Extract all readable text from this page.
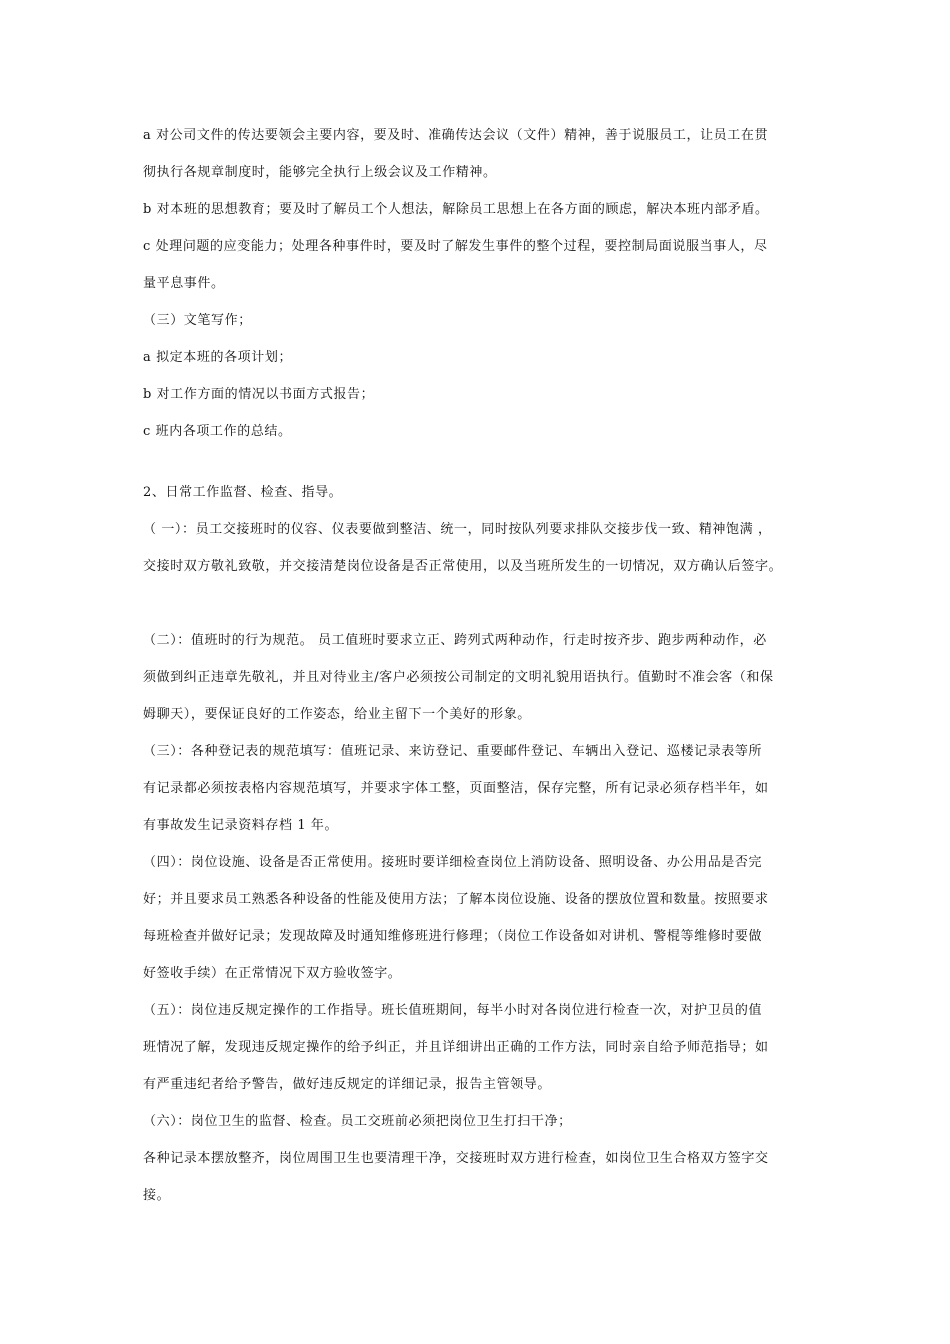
a 对公司文件的传达要领会主要内容，要及时、准确传达会议（文件）精神，善于说服员工，让员工在贯
彻执行各规章制度时，能够完全执行上级会议及工作精神。
b 对本班的思想教育；要及时了解员工个人想法，解除员工思想上在各方面的顾虑，解决本班内部矛盾。
c 处理问题的应变能力；处理各种事件时，要及时了解发生事件的整个过程，要控制局面说服当事人，尽
量平息事件。
（三）文笔写作；
a 拟定本班的各项计划；
b 对工作方面的情况以书面方式报告；
c 班内各项工作的总结。
2、日常工作监督、检查、指导。
（ 一）：员工交接班时的仪容、仪表要做到整洁、统一，同时按队列要求排队交接步伐一致、精神饱满 ，
交接时双方敬礼致敬，并交接清楚岗位设备是否正常使用，以及当班所发生的一切情况，双方确认后签字。
（二）：值班时的行为规范。 员工值班时要求立正、跨列式两种动作，行走时按齐步、跑步两种动作，必
须做到纠正违章先敬礼，并且对待业主/客户必须按公司制定的文明礼貌用语执行。值勤时不准会客（和保
姆聊天），要保证良好的工作姿态，给业主留下一个美好的形象。
（三）：各种登记表的规范填写：值班记录、来访登记、重要邮件登记、车辆出入登记、巡楼记录表等所
有记录都必须按表格内容规范填写，并要求字体工整，页面整洁，保存完整，所有记录必须存档半年，如
有事故发生记录资料存档 1 年。
（四）：岗位设施、设备是否正常使用。接班时要详细检查岗位上消防设备、照明设备、办公用品是否完
好；并且要求员工熟悉各种设备的性能及使用方法；了解本岗位设施、设备的摆放位置和数量。按照要求
每班检查并做好记录；发现故障及时通知维修班进行修理；（岗位工作设备如对讲机、警棍等维修时要做
好签收手续）在正常情况下双方验收签字。
（五）：岗位违反规定操作的工作指导。班长值班期间，每半小时对各岗位进行检查一次，对护卫员的值
班情况了解，发现违反规定操作的给予纠正，并且详细讲出正确的工作方法，同时亲自给予师范指导；如
有严重违纪者给予警告，做好违反规定的详细记录，报告主管领导。
（六）：岗位卫生的监督、检查。员工交班前必须把岗位卫生打扫干净；
各种记录本摆放整齐，岗位周围卫生也要清理干净，交接班时双方进行检查，如岗位卫生合格双方签字交
接。
